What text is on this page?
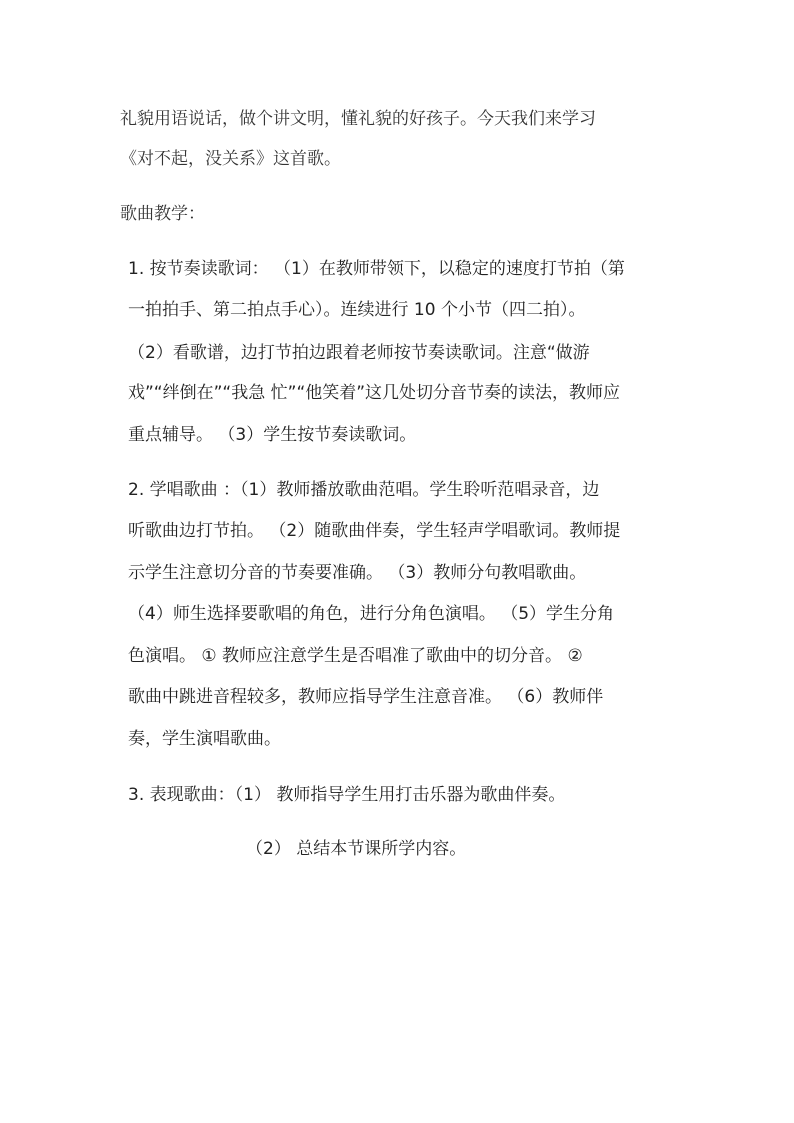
礼貌用语说话，做个讲文明，懂礼貌的好孩子。今天我们来学习
《对不起，没关系》这首歌。
歌曲教学：
1. 按节奏读歌词： （1）在教师带领下，以稳定的速度打节拍（第
一拍拍手、第二拍点手心）。连续进行 10 个小节（四二拍）。
（2）看歌谱，边打节拍边跟着老师按节奏读歌词。注意“做游
戏”“绊倒在”“我急 忙”“他笑着”这几处切分音节奏的读法，教师应
重点辅导。 （3）学生按节奏读歌词。
2. 学唱歌曲 ：（1）教师播放歌曲范唱。学生聆听范唱录音，边
听歌曲边打节拍。 （2）随歌曲伴奏，学生轻声学唱歌词。教师提
示学生注意切分音的节奏要准确。 （3）教师分句教唱歌曲。
（4）师生选择要歌唱的角色，进行分角色演唱。 （5）学生分角
色演唱。 ① 教师应注意学生是否唱准了歌曲中的切分音。 ②
歌曲中跳进音程较多，教师应指导学生注意音准。 （6）教师伴
奏，学生演唱歌曲。
3. 表现歌曲：（1） 教师指导学生用打击乐器为歌曲伴奏。
（2） 总结本节课所学内容。
